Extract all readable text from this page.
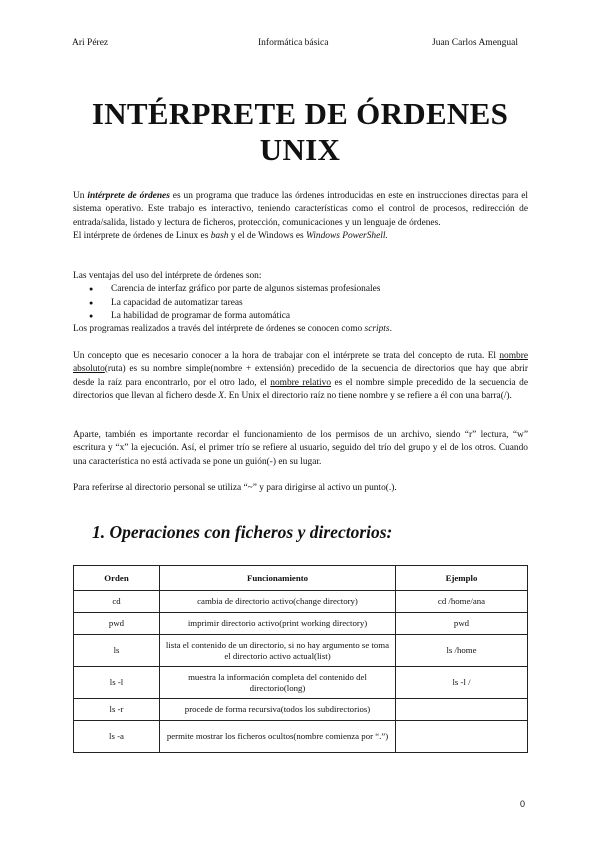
Ari Pérez	Informática básica	Juan Carlos Amengual
INTÉRPRETE DE ÓRDENES
UNIX

Un intérprete de órdenes es un programa que traduce las órdenes introducidas en este en instrucciones directas para el sistema operativo. Este trabajo es interactivo, teniendo características como el control de procesos, redirección de entrada/salida, listado y lectura de ficheros, protección, comunicaciones y un lenguaje de órdenes.

El intérprete de órdenes de Linux es bash y el de Windows es Windows PowerShell.

Las ventajas del uso del intérprete de órdenes son:

● Carencia de interfaz gráfico por parte de algunos sistemas profesionales
● La capacidad de automatizar tareas
● La habilidad de programar de forma automática

Los programas realizados a través del intérprete de órdenes se conocen como scripts.

Un concepto que es necesario conocer a la hora de trabajar con el intérprete se trata del concepto de ruta. El nombre absoluto(ruta) es su nombre simple(nombre + extensión) precedido de la secuencia de directorios que hay que abrir desde la raíz para encontrarlo, por el otro lado, el nombre relativo es el nombre simple precedido de la secuencia de directorios que llevan al fichero desde X. En Unix el directorio raíz no tiene nombre y se refiere a él con una barra(/).

Aparte, también es importante recordar el funcionamiento de los permisos de un archivo, siendo “r” lectura, “w” escritura y “x” la ejecución. Así, el primer trío se refiere al usuario, seguido del trío del grupo y el de los otros. Cuando una característica no está activada se pone un guión(-) en su lugar.

Para referirse al directorio personal se utiliza “~” y para dirigirse al activo un punto(.).

1. Operaciones con ficheros y directorios:
Orden	Funcionamiento	Ejemplo
cd	cambia de directorio activo(change directory)	cd /home/ana
pwd	imprimir directorio activo(print working directory)	pwd
ls	lista el contenido de un directorio, si no hay argumento se toma el directorio activo actual(list)	ls /home
ls -l	muestra la información completa del contenido del directorio(long)	ls -l /
ls -r	procede de forma recursiva(todos los subdirectorios)	
ls -a	permite mostrar los ficheros ocultos(nombre comienza por “.”)	
0
